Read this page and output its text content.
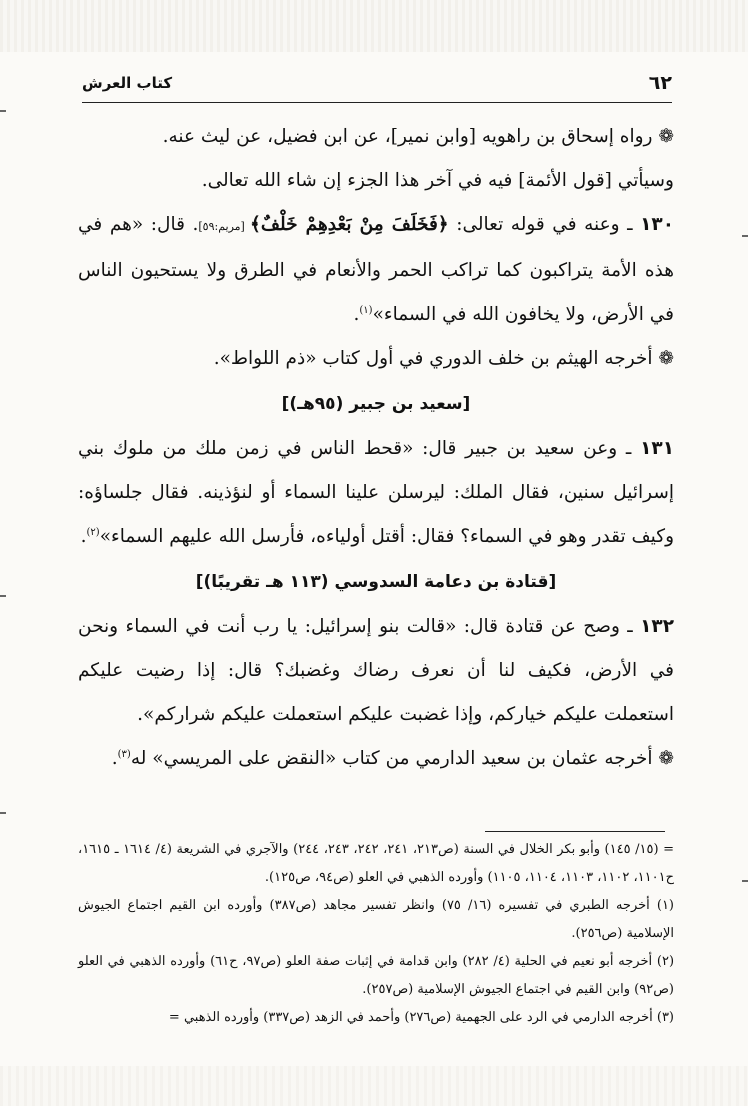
٦٢
كتاب العرش

❁رواه إسحاق بن راهويه [وابن نمير]، عن ابن فضيل، عن ليث عنه.

وسيأتي [قول الأئمة] فيه في آخر هذا الجزء إن شاء الله تعالى.

١٣٠ ـ وعنه في قوله تعالى: ﴿فَخَلَفَ مِنْ بَعْدِهِمْ خَلْفٌ﴾ [مريم:٥٩]. قال: «هم في هذه الأمة يتراكبون كما تراكب الحمر والأنعام في الطرق ولا يستحيون الناس في الأرض، ولا يخافون الله في السماء»$^{(١)}$.

❁أخرجه الهيثم بن خلف الدوري في أول كتاب «ذم اللواط».

[سعيد بن جبير (٩٥هـ)]

١٣١ ـ وعن سعيد بن جبير قال: «قحط الناس في زمن ملك من ملوك بني إسرائيل سنين، فقال الملك: ليرسلن علينا السماء أو لنؤذينه. فقال جلساؤه: وكيف تقدر وهو في السماء؟ فقال: أقتل أولياءه، فأرسل الله عليهم السماء»$^{(٢)}$.

[قتادة بن دعامة السدوسي (١١٣ هـ تقريبًا)]

١٣٢ ـ وصح عن قتادة قال: «قالت بنو إسرائيل: يا رب أنت في السماء ونحن في الأرض، فكيف لنا أن نعرف رضاك وغضبك؟ قال: إذا رضيت عليكم استعملت عليكم خياركم، وإذا غضبت عليكم استعملت عليكم شراركم».

❁أخرجه عثمان بن سعيد الدارمي من كتاب «النقض على المريسي» له$^{(٣)}$.

= (١٥/ ١٤٥) وأبو بكر الخلال في السنة (ص٢١٣، ٢٤١، ٢٤٢، ٢٤٣، ٢٤٤) والآجري في الشريعة (٤/ ١٦١٤ ـ ١٦١٥، ح١١٠١، ١١٠٢، ١١٠٣، ١١٠٤، ١١٠٥) وأورده الذهبي في العلو (ص٩٤، ص١٢٥).

(١) أخرجه الطبري في تفسيره (١٦/ ٧٥) وانظر تفسير مجاهد (ص٣٨٧) وأورده ابن القيم اجتماع الجيوش الإسلامية (ص٢٥٦).

(٢) أخرجه أبو نعيم في الحلية (٤/ ٢٨٢) وابن قدامة في إثبات صفة العلو (ص٩٧، ح٦١) وأورده الذهبي في العلو (ص٩٢) وابن القيم في اجتماع الجيوش الإسلامية (ص٢٥٧).

(٣) أخرجه الدارمي في الرد على الجهمية (ص٢٧٦) وأحمد في الزهد (ص٣٣٧) وأورده الذهبي =
